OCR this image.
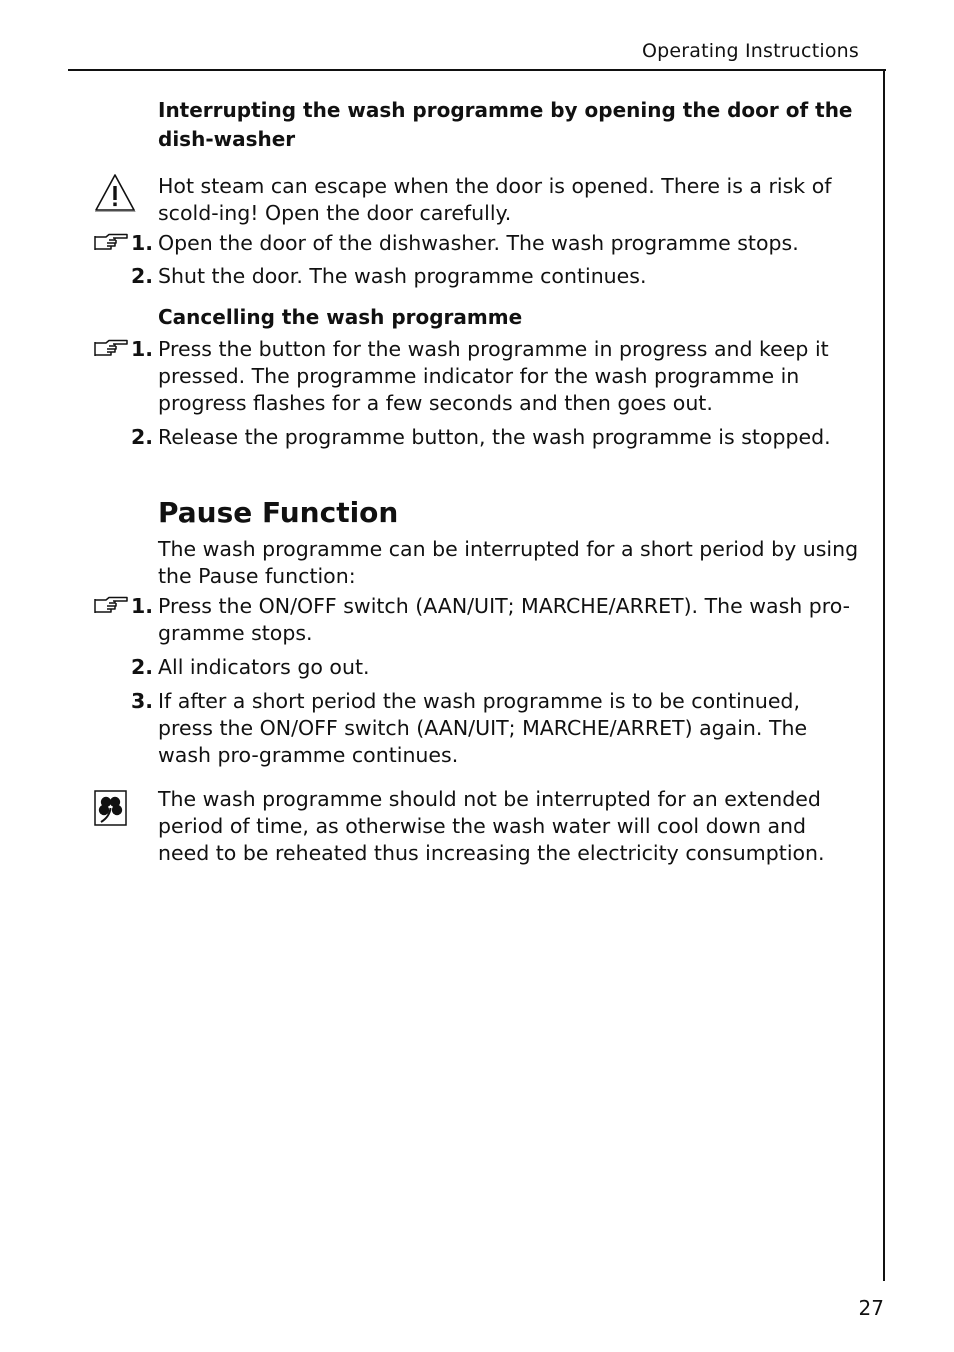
Operating Instructions
Interrupting the wash programme by opening the door of the dish-washer
Hot steam can escape when the door is opened. There is a risk of scold-ing! Open the door carefully.
1. Open the door of the dishwasher. The wash programme stops.
2. Shut the door. The wash programme continues.
Cancelling the wash programme
1. Press the button for the wash programme in progress and keep it pressed. The programme indicator for the wash programme in progress flashes for a few seconds and then goes out.
2. Release the programme button, the wash programme is stopped.
Pause Function
The wash programme can be interrupted for a short period by using the Pause function:
1. Press the ON/OFF switch (AAN/UIT; MARCHE/ARRET). The wash pro-gramme stops.
2. All indicators go out.
3. If after a short period the wash programme is to be continued, press the ON/OFF switch (AAN/UIT; MARCHE/ARRET) again. The wash pro-gramme continues.
The wash programme should not be interrupted for an extended period of time, as otherwise the wash water will cool down and need to be reheated thus increasing the electricity consumption.
27
